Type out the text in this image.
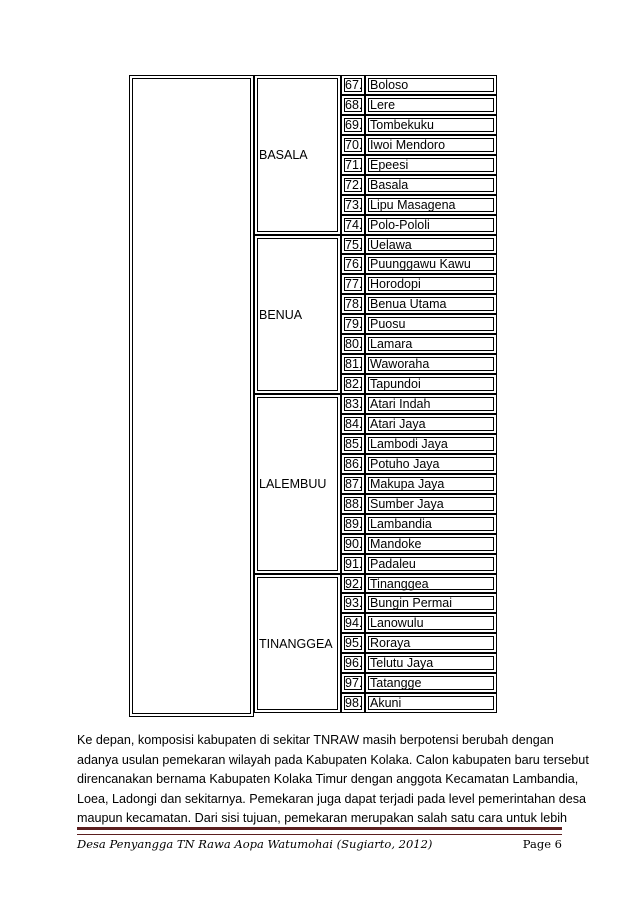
BASALA
67. Boloso
68. Lere
69. Tombekuku
70. Iwoi Mendoro
71. Epeesi
72. Basala
73. Lipu Masagena
74. Polo-Pololi
BENUA
75. Uelawa
76. Puunggawu Kawu
77. Horodopi
78. Benua Utama
79. Puosu
80. Lamara
81. Waworaha
82. Tapundoi
LALEMBUU
83. Atari Indah
84. Atari Jaya
85. Lambodi Jaya
86. Potuho Jaya
87. Makupa Jaya
88. Sumber Jaya
89. Lambandia
90. Mandoke
91. Padaleu
TINANGGEA
92. Tinanggea
93. Bungin Permai
94. Lanowulu
95. Roraya
96. Telutu Jaya
97. Tatangge
98. Akuni
Ke depan, komposisi kabupaten di sekitar TNRAW masih berpotensi berubah dengan
adanya usulan pemekaran wilayah pada Kabupaten Kolaka. Calon kabupaten baru tersebut
direncanakan bernama Kabupaten Kolaka Timur dengan anggota Kecamatan Lambandia,
Loea, Ladongi dan sekitarnya. Pemekaran juga dapat terjadi pada level pemerintahan desa
maupun kecamatan. Dari sisi tujuan, pemekaran merupakan salah satu cara untuk lebih
Desa Penyangga TN Rawa Aopa Watumohai (Sugiarto, 2012)	Page 6
